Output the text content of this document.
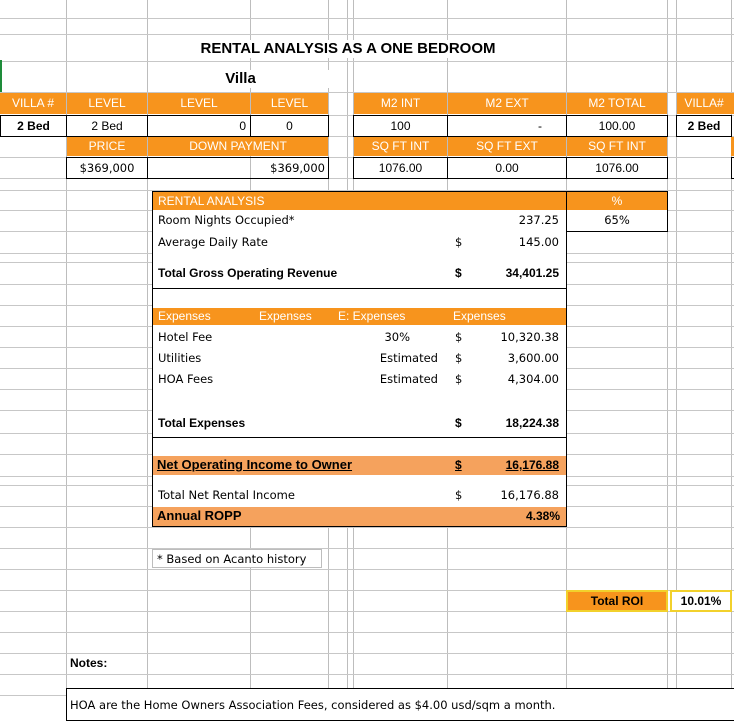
RENTAL ANALYSIS AS A ONE BEDROOM
Villa
VILLA #	LEVEL	LEVEL	LEVEL	M2 INT	M2 EXT	M2 TOTAL	VILLA#
2 Bed	2 Bed	0	0	100	-	100.00	2 Bed
PRICE	DOWN PAYMENT	SQ FT INT	SQ FT EXT	SQ FT INT
$369,000	$369,000	1076.00	0.00	1076.00
RENTAL ANALYSIS	%
65%
Room Nights Occupied*	237.25
Average Daily Rate	$	145.00
Total Gross Operating Revenue	$	34,401.25
Expenses	Expenses	E: Expenses	Expenses
Hotel Fee	30%	$	10,320.38
Utilities	Estimated $	3,600.00
HOA Fees	Estimated $	4,304.00
Total Expenses	$	18,224.38
Net Operating Income to Owner	$	16,176.88
Total Net Rental Income	$	16,176.88
Annual ROPP	4.38%
* Based on Acanto history
Total ROI	10.01%
Notes:
HOA are the Home Owners Association Fees, considered as $4.00 usd/sqm a month.
